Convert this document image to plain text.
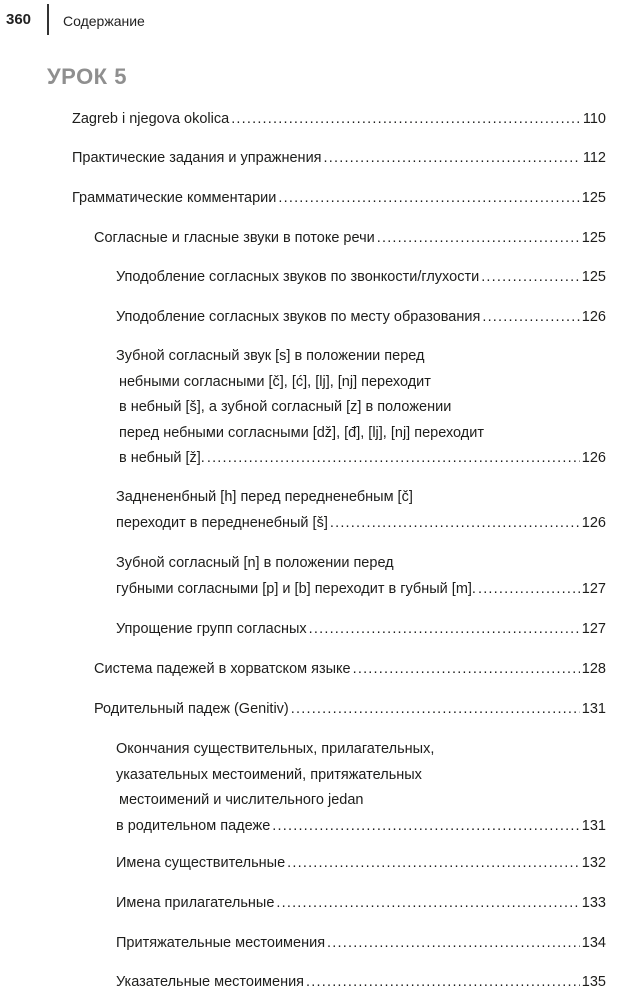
360 Содержание
УРОК 5
Zagreb i njegova okolica .....	110
Практические задания и упражнения .....	112
Грамматические комментарии .....	125
Согласные и гласные звуки в потоке речи .....	125
Уподобление согласных звуков по звонкости/глухости .....	125
Уподобление согласных звуков по месту образования .....	126
Зубной согласный звук [s] в положении перед
небными согласными [č], [ć], [lj], [nj] переходит
в небный [š], а зубной согласный [z] в положении
перед небными согласными [dž], [đ], [lj], [nj] переходит
в небный [ž]. .....	126
Заднененбный [h] перед передненебным [č]
переходит в передненебный [š] .....	126
Зубной согласный [n] в положении перед
губными согласными [p] и [b] переходит в губный [m]. .....	127
Упрощение групп согласных .....	127
Система падежей в хорватском языке .....	128
Родительный падеж (Genitiv) .....	131
Окончания существительных, прилагательных,
указательных местоимений, притяжательных
местоимений и числительного jedan
в родительном падеже .....	131
Имена существительные .....	132
Имена прилагательные .....	133
Притяжательные местоимения .....	134
Указательные местоимения .....	135
